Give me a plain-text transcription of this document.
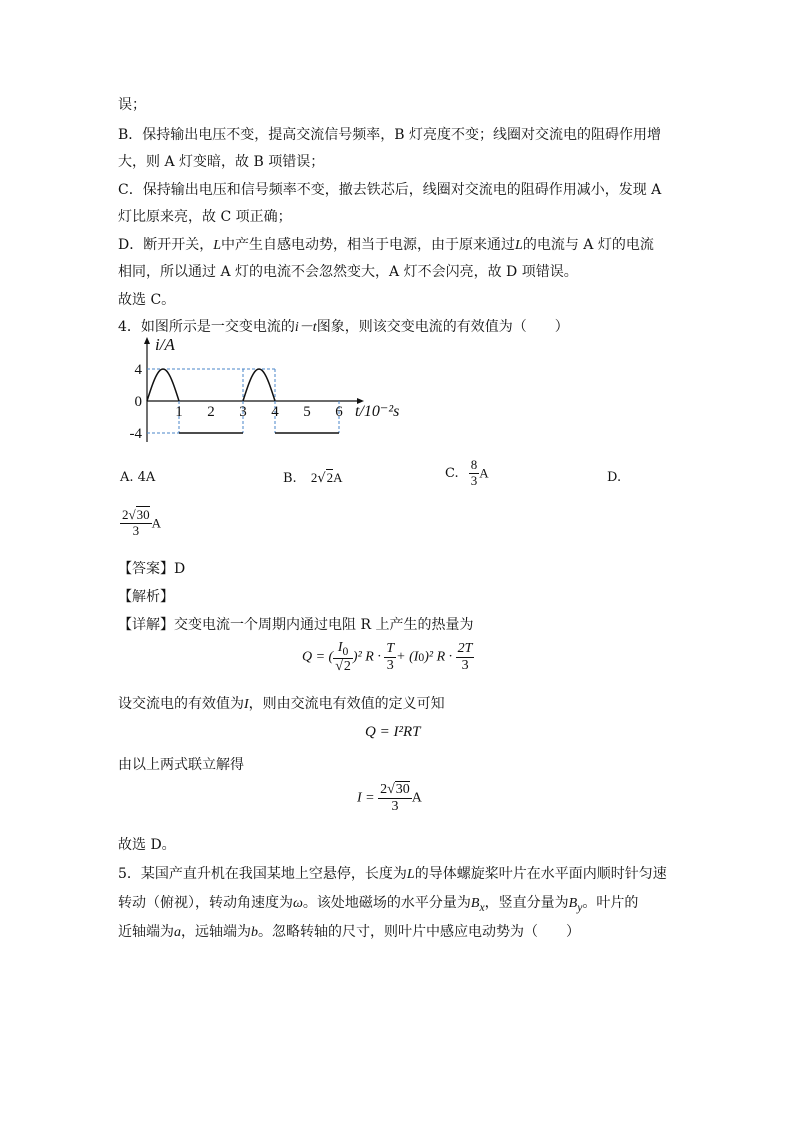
误；
B．保持输出电压不变，提高交流信号频率，B 灯亮度不变；线圈对交流电的阻碍作用增
大，则 A 灯变暗，故 B 项错误；
C．保持输出电压和信号频率不变，撤去铁芯后，线圈对交流电的阻碍作用减小，发现 A
灯比原来亮，故 C 项正确；
D．断开开关，L中产生自感电动势，相当于电源，由于原来通过L的电流与 A 灯的电流
相同，所以通过 A 灯的电流不会忽然变大，A 灯不会闪亮，故 D 项错误。
故选 C。
4．如图所示是一交变电流的i－t图象，则该交变电流的有效值为（　　）
1 2 3 4 5 6
4
0
-4
i/A
t/10⁻²s
A. 4A	B. 2√2A	C. $\frac{8}{3}$ A	D.
$\frac{2√30}{3}$ A
【答案】D
【解析】
【详解】交变电流一个周期内通过电阻 R 上产生的热量为
Q = ( $\frac{I_0}{√2} )^2$ $R \cdot \frac{T}{3} + (I0)^2$ $R \cdot \frac{2T}{3}$
设交流电的有效值为I，则由交流电有效值的定义可知
Q = I²RT
由以上两式联立解得
$I = \frac{2√30}{3}$ A
故选 D。
5．某国产直升机在我国某地上空悬停，长度为L的导体螺旋桨叶片在水平面内顺时针匀速
转动（俯视），转动角速度为ω。该处地磁场的水平分量为$B_x$，竖直分量为$B_y$。叶片的
近轴端为a，远轴端为b。忽略转轴的尺寸，则叶片中感应电动势为（　　）
